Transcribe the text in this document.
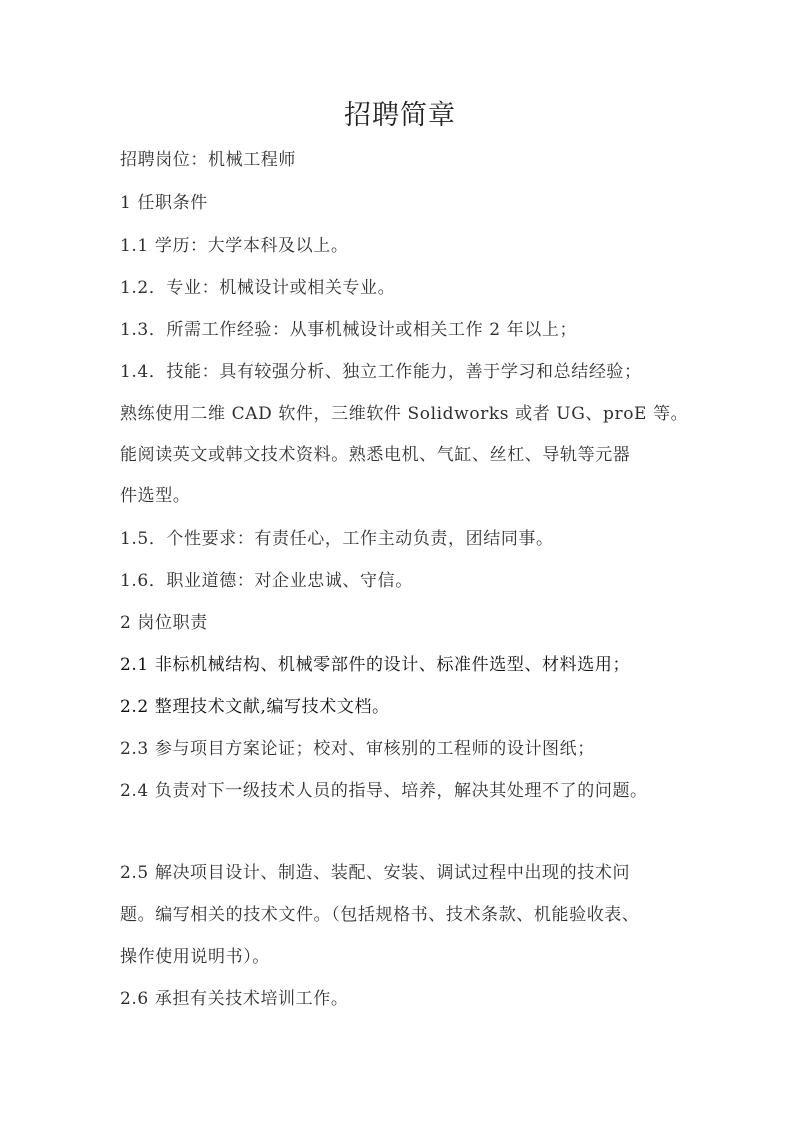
招聘简章
招聘岗位：机械工程师
1 任职条件
1.1 学历：大学本科及以上。
1.2．专业：机械设计或相关专业。
1.3．所需工作经验：从事机械设计或相关工作 2 年以上；
1.4．技能：具有较强分析、独立工作能力，善于学习和总结经验；
熟练使用二维 CAD 软件，三维软件 Solidworks 或者 UG、proE 等。
能阅读英文或韩文技术资料。熟悉电机、气缸、丝杠、导轨等元器
件选型。
1.5．个性要求：有责任心，工作主动负责，团结同事。
1.6．职业道德：对企业忠诚、守信。
2 岗位职责
2.1 非标机械结构、机械零部件的设计、标准件选型、材料选用；
2.2 整理技术文献,编写技术文档。
2.3 参与项目方案论证；校对、审核别的工程师的设计图纸；
2.4 负责对下一级技术人员的指导、培养，解决其处理不了的问题。
2.5 解决项目设计、制造、装配、安装、调试过程中出现的技术问
题。编写相关的技术文件。（包括规格书、技术条款、机能验收表、
操作使用说明书）。
2.6 承担有关技术培训工作。
